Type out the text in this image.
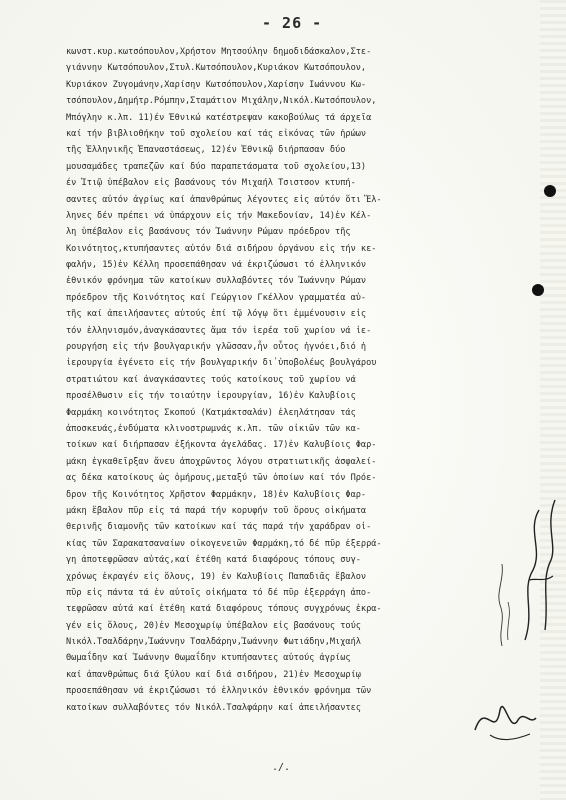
- 26 -
κωνστ.κυρ.κωτσόπουλον,Χρήστον Μητσούλην δημοδιδάσκαλον,Στε-
γιάννην Κωτσόπουλον,Στυλ.Κωτσόπουλον,Κυριάκον Κωτσόπουλον,
Κυριάκον Ζυγομάνην,Χαρίσην Κωτσόπουλον,Χαρίσην Ιωάννου Κω-
τσόπουλον,Δημήτρ.Ρόμπην,Σταμάτιον Μιχάλην,Νικόλ.Κωτσόπουλον,
Μπόγλην κ.λπ. 11)έν Έθνικώ κατέστρεψαν κακοβούλως τά άρχεῖα
καί τήν βιβλιοθήκην τοῦ σχολείου καί τάς εἰκόνας τῶν ἡρώων
τῆς Ἑλληνικῆς Ἐπαναστάσεως, 12)έν Ἐθνικῷ διήρπασαν δύο
μουσαμάδες τραπεζῶν καί δύο παραπετάσματα τοῦ σχολείου,13)
έν Ἰτιῷ ὑπέβαλον εἰς βασάνους τόν Μιχαήλ Τσιστσον κτυπή-
σαντες αὐτόν ἀγρίως καί ἀπανθρώπως λέγοντες εἰς αὐτόν ὅτι Ἕλ-
ληνες δέν πρέπει νά ὑπάρχουν εἰς τήν Μακεδονίαν, 14)ἐν Κέλ-
λη ὑπέβαλον εἰς βασάνους τόν Ἰωάννην Ρώμαν πρόεδρον τῆς
Κοινότητος,κτυπήσαντες αὐτόν διά σιδήρου ὀργάνου εἰς τήν κε-
φαλήν, 15)ἐν Κέλλη προσεπάθησαν νά ἐκριζώσωσι τό ἑλληνικόν
ἐθνικόν φρόνημα τῶν κατοίκων συλλαβόντες τόν Ἰωάννην Ρώμαν
πρόεδρον τῆς Κοινότητος καί Γεώργιον Γκέλλον γραμματέα αὐ-
τῆς καί ἀπειλήσαντες αὐτούς ἐπί τῷ λόγῳ ὅτι ἐμμένουσιν εἰς
τόν ἑλληνισμόν,ἀναγκάσαντες ἅμα τόν ἱερέα τοῦ χωρίου νά ἱε-
ρουργήση εἰς τήν βουλγαρικήν γλῶσσαν,ἦν οὗτος ἠγνόει,διό ἡ
ἱερουργία ἐγένετο εἰς τήν βουλγαρικήν δι᾽ὑποβολέως βουλγάρου
στρατιώτου καί ἀναγκάσαντες τούς κατοίκους τοῦ χωρίου νά
προσέλθωσιν εἰς τήν τοιαύτην ἱερουργίαν, 16)ἐν Καλυβίοις
Φαρμάκη κοινότητος Σκοπού (Κατμάκτσαλάν) ἐλεηλάτησαν τάς
ἀποσκευάς,ἐνδύματα κλινοστρωμνάς κ.λπ. τῶν οἰκιῶν τῶν κα-
τοίκων καί διήρπασαν ἐξήκοντα ἀγελάδας. 17)ἐν Καλυβίοις Φαρ-
μάκη ἐγκαθεῖρξαν ἄνευ ἀποχρῶντος λόγου στρατιωτικῆς ἀσφαλεί-
ας δέκα κατοίκους ὡς ὁμήρους,μεταξύ τῶν ὁποίων καί τόν Πρόε-
δρον τῆς Κοινότητος Χρῆστον Φαρμάκην, 18)ἐν Καλυβίοις Φαρ-
μάκη ἔβαλον πῦρ εἰς τά παρά τήν κορυφήν τοῦ ὄρους οἰκήματα
θερινῆς διαμονῆς τῶν κατοίκων καί τάς παρά τήν χαράδραν οἰ-
κίας τῶν Σαρακατσαναίων οἰκογενειῶν Φαρμάκη,τό δέ πῦρ ἐξερρά-
γη ἀποτεφρῶσαν αὐτάς,καί ἐτέθη κατά διαφόρους τόπους συγ-
χρόνως ἐκραγέν εἰς ὅλους, 19) ἐν Καλυβίοις Παπαδιᾶς ἔβαλον
πῦρ εἰς πάντα τά ἐν αὐτοῖς οἰκήματα τό δέ πῦρ ἐξερράγη ἀπο-
τεφρῶσαν αὐτά καί ἐτέθη κατά διαφόρους τόπους συγχρόνως ἐκρα-
γέν εἰς ὅλους, 20)ἐν Μεσοχωρίῳ ὑπέβαλον εἰς βασάνους τούς
Νικόλ.Τσαλδάρην,Ἰωάννην Τσαλδάρην,Ἰωάννην Φωτιάδην,Μιχαήλ
Θωμαΐδην καί Ἰωάννην Θωμαΐδην κτυπήσαντες αὐτούς ἀγρίως
καί ἀπανθρώπως διά ξύλου καί διά σιδήρου, 21)ἐν Μεσοχωρίῳ
προσεπάθησαν νά ἐκριζώσωσι τό ἑλληνικόν ἐθνικόν φρόνημα τῶν
κατοίκων συλλαβόντες τόν Νικόλ.Τσαλφάρην καί ἀπειλήσαντες
./.
